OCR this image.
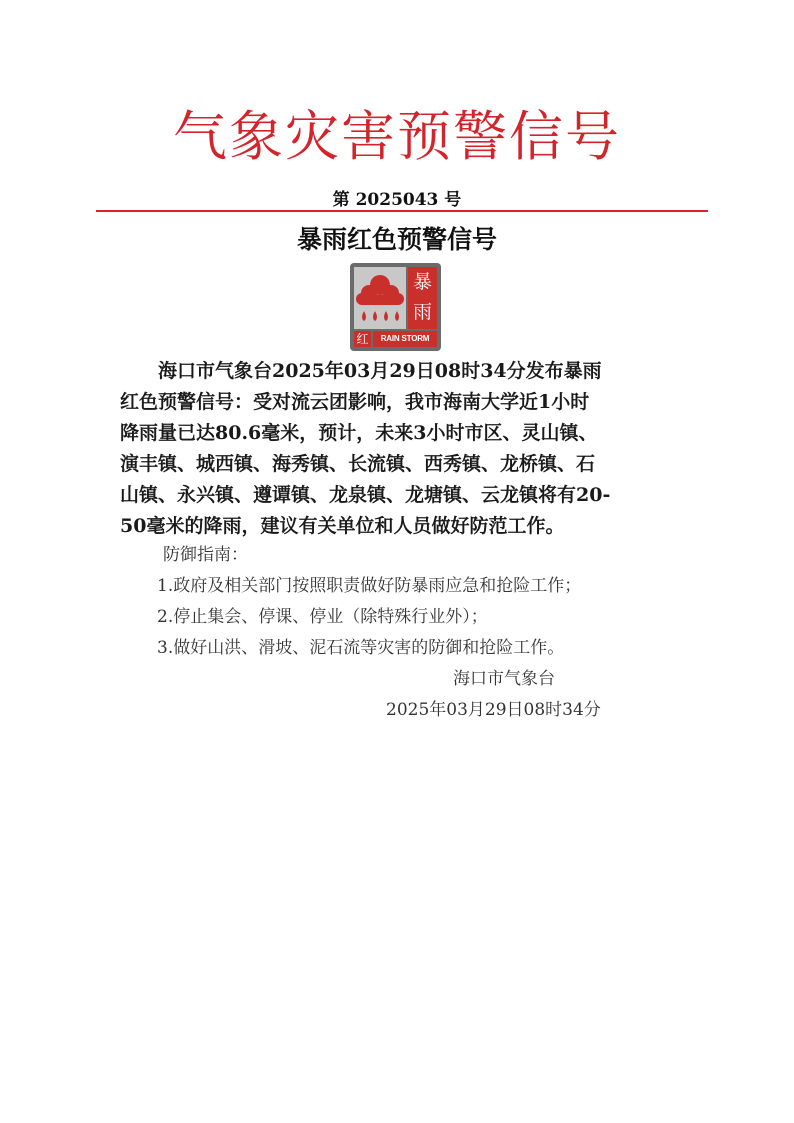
气象灾害预警信号
第 2025043 号
暴雨红色预警信号
暴
雨
红	RAIN STORM
海口市气象台2025年03月29日08时34分发布暴雨
红色预警信号：受对流云团影响，我市海南大学近1小时
降雨量已达80.6毫米，预计，未来3小时市区、灵山镇、
演丰镇、城西镇、海秀镇、长流镇、西秀镇、龙桥镇、石
山镇、永兴镇、遵谭镇、龙泉镇、龙塘镇、云龙镇将有20-
50毫米的降雨，建议有关单位和人员做好防范工作。
防御指南：
1.政府及相关部门按照职责做好防暴雨应急和抢险工作；
2.停止集会、停课、停业（除特殊行业外）；
3.做好山洪、滑坡、泥石流等灾害的防御和抢险工作。
海口市气象台
2025年03月29日08时34分
